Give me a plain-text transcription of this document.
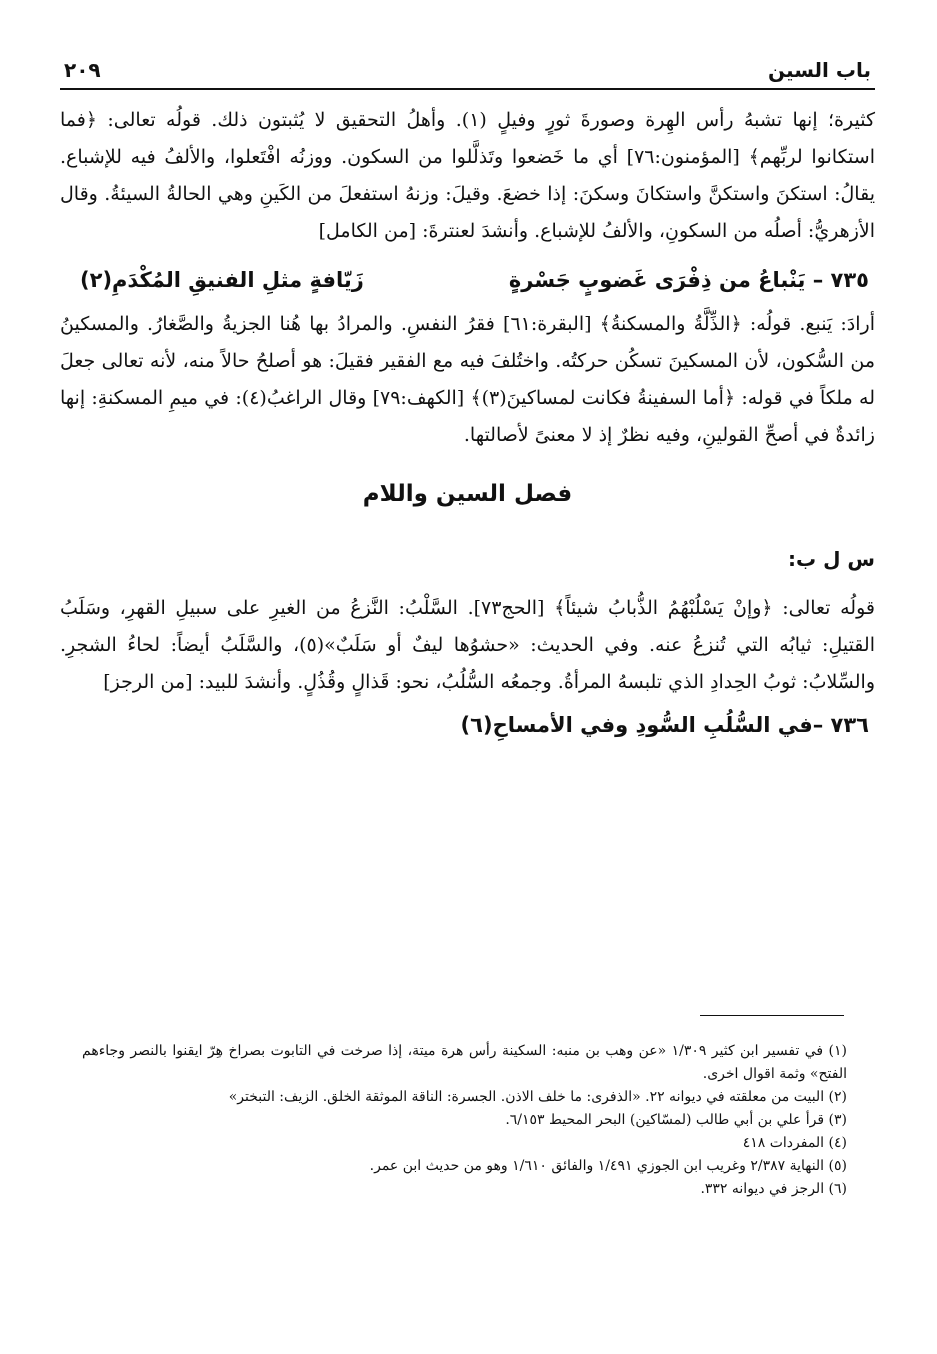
باب السين
٢٠٩

كثيرة؛ إنها تشبهُ رأس الهِرة وصورةَ ثورٍ وفيلٍ (١). وأهلُ التحقيق لا يُثبتون ذلك. قولُه تعالى: ﴿فما استكانوا لربِّهم﴾ [المؤمنون:٧٦] أي ما خَضعوا وتَذلَّلوا من السكون. ووزنُه افْتَعلوا، والألفُ فيه للإشباع. يقالُ: استكنَ واستكنَّ واستكانَ وسكنَ: إذا خضعَ. وقيلَ: وزنهُ استفعلَ من الكَينِ وهي الحالةُ السيئةُ. وقال الأزهريُّ: أصلُه من السكونِ، والألفُ للإشباع. وأنشدَ لعنترةَ: [من الكامل]

٧٣٥ – يَنْباعُ من ذِفْرَى غَضوبٍ جَسْرةٍ
زَيّافةٍ مثلِ الفنيقِ المُكْدَمِ(٢)

أرادَ: يَنبع. قولُه: ﴿الذِّلَّةُ والمسكنةُ﴾ [البقرة:٦١] فقرُ النفسِ. والمرادُ بها هُنا الجزيةُ والصَّغارُ. والمسكينُ من السُّكون، لأن المسكينَ تسكُن حركتُه. واختُلفَ فيه مع الفقير فقيلَ: هو أصلحُ حالاً منه، لأنه تعالى جعلَ له ملكاً في قوله: ﴿أما السفينةُ فكانت لمساكينَ(٣)﴾ [الكهف:٧٩] وقال الراغبُ(٤): في ميمِ المسكنةِ: إنها زائدةٌ في أصحِّ القولينِ، وفيه نظرٌ إذ لا معنىً لأصالتها.

فصل السين واللام
س ل ب:

قولُه تعالى: ﴿وإنْ يَسْلُبْهُمُ الذُّبابُ شيئاً﴾ [الحج٧٣]. السَّلْبُ: النَّزعُ من الغيرِ على سبيلِ القهرِ، وسَلَبُ القتيلِ: ثيابُه التي تُنزعُ عنه. وفي الحديث: «حشوُها ليفٌ أو سَلَبٌ»(٥)، والسَّلَبُ أيضاً: لحاءُ الشجرِ. والسِّلابُ: ثوبُ الحِدادِ الذي تلبسهُ المرأةُ. وجمعُه السُّلُبُ، نحو: قَذالٍ وقُذُلٍ. وأنشدَ للبيد: [من الرجز]

٧٣٦ –
في السُّلُبِ السُّودِ وفي الأمساحِ(٦)

(١) في تفسير ابن كثير ١/٣٠٩ «عن وهب بن منبه: السكينة رأس هرة ميتة، إذا صرخت في التابوت بصراخ هِرّ ايقنوا بالنصر وجاءهم الفتح» وثمة اقوال اخرى.

(٢) البيت من معلقته في ديوانه ٢٢. «الذفرى: ما خلف الاذن. الجسرة: الناقة الموثقة الخلق. الزيف: التبختر»

(٣) قرأ علي بن أبي طالب (لمسّاكين) البحر المحيط ٦/١٥٣.

(٤) المفردات ٤١٨

(٥) النهاية ٢/٣٨٧ وغريب ابن الجوزي ١/٤٩١ والفائق ١/٦١٠ وهو من حديث ابن عمر.

(٦) الرجز في ديوانه ٣٣٢.
